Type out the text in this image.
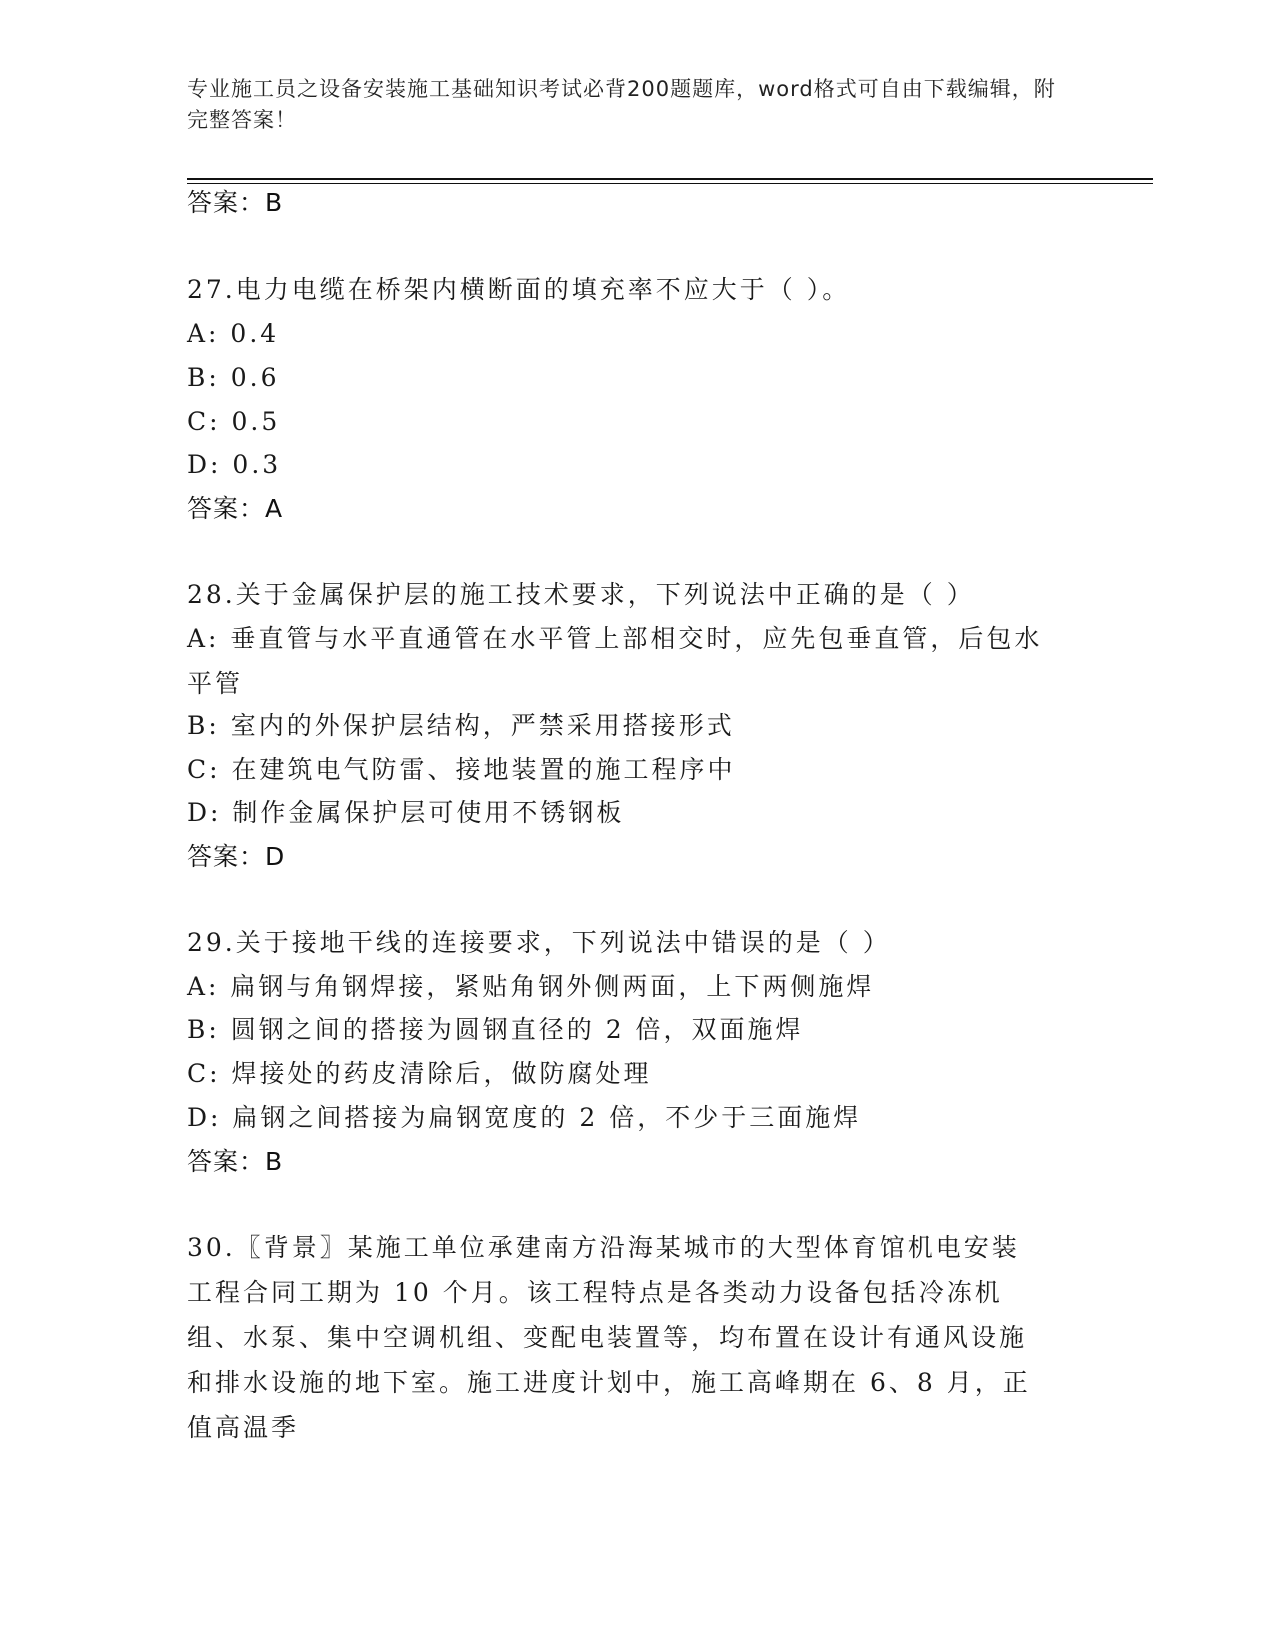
专业施工员之设备安装施工基础知识考试必背200题题库，word格式可自由下载编辑，附完整答案！
答案：B
27.电力电缆在桥架内横断面的填充率不应大于（ ）。
A: 0.4
B: 0.6
C: 0.5
D: 0.3
答案：A
28.关于金属保护层的施工技术要求，下列说法中正确的是（ ）
A: 垂直管与水平直通管在水平管上部相交时，应先包垂直管，后包水平管
B: 室内的外保护层结构，严禁采用搭接形式
C: 在建筑电气防雷、接地装置的施工程序中
D: 制作金属保护层可使用不锈钢板
答案：D
29.关于接地干线的连接要求，下列说法中错误的是（ ）
A: 扁钢与角钢焊接，紧贴角钢外侧两面，上下两侧施焊
B: 圆钢之间的搭接为圆钢直径的 2 倍，双面施焊
C: 焊接处的药皮清除后，做防腐处理
D: 扁钢之间搭接为扁钢宽度的 2 倍，不少于三面施焊
答案：B
30.〖背景〗某施工单位承建南方沿海某城市的大型体育馆机电安装工程合同工期为 10 个月。该工程特点是各类动力设备包括冷冻机组、水泵、集中空调机组、变配电装置等，均布置在设计有通风设施和排水设施的地下室。施工进度计划中，施工高峰期在 6、8 月，正值高温季
